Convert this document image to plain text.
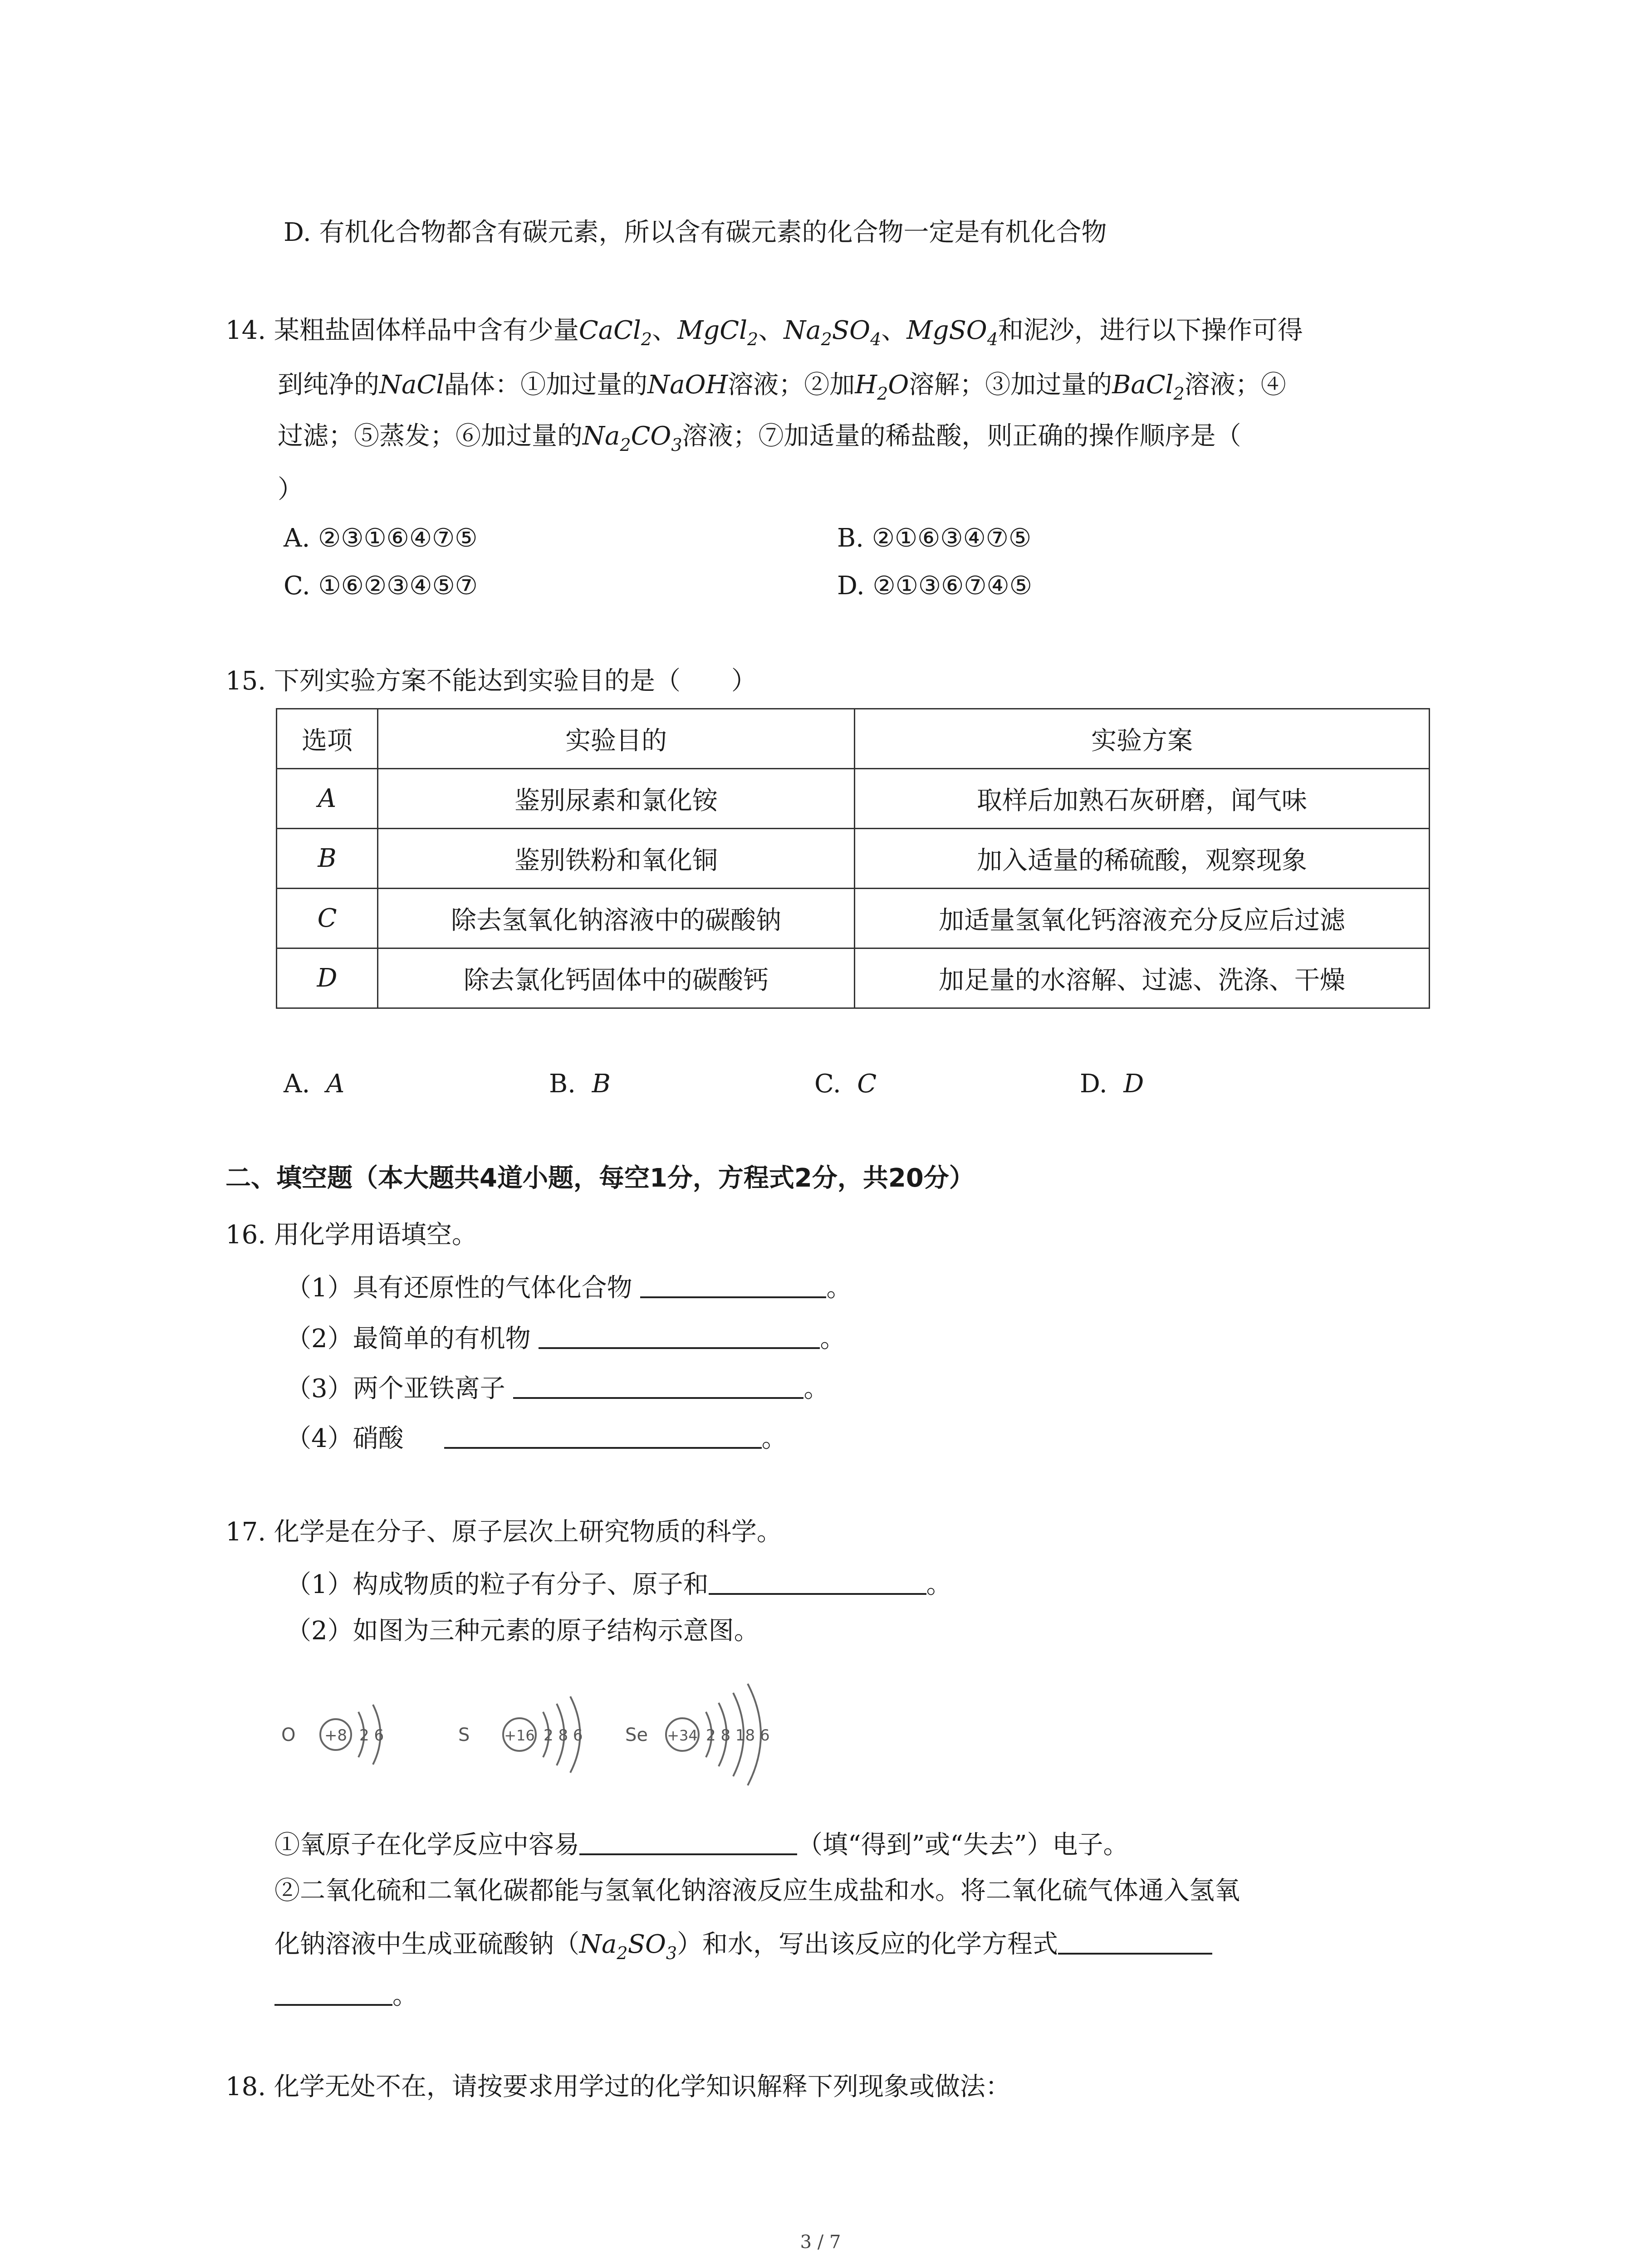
D. 有机化合物都含有碳元素，所以含有碳元素的化合物一定是有机化合物
14. 某粗盐固体样品中含有少量CaCl$_2$、MgCl$_2$、$Na_2SO_4$、MgSO$_4$和泥沙，进行以下操作可得
到纯净的NaCl晶体：①加过量的NaOH溶液；②加$H_2O$溶解；③加过量的BaCl$_2$溶液；④
过滤；⑤蒸发；⑥加过量的$Na_2CO_3$溶液；⑦加适量的稀盐酸，则正确的操作顺序是（
）
A. ②③①⑥④⑦⑤	B. ②①⑥③④⑦⑤
C. ①⑥②③④⑤⑦	D. ②①③⑥⑦④⑤
15. 下列实验方案不能达到实验目的是（　　）
选项	实验目的	实验方案
A	鉴别尿素和氯化铵	取样后加熟石灰研磨，闻气味
B	鉴别铁粉和氧化铜	加入适量的稀硫酸，观察现象
C	除去氢氧化钠溶液中的碳酸钠	加适量氢氧化钙溶液充分反应后过滤
D	除去氯化钙固体中的碳酸钙	加足量的水溶解、过滤、洗涤、干燥
A. A	B. B	C. C	D. D
二、填空题（本大题共4道小题，每空1分，方程式2分，共20分）
16. 用化学用语填空。
（1）具有还原性的气体化合物	。
（2）最简单的有机物	。
（3）两个亚铁离子	。
（4）硝酸	。
17. 化学是在分子、原子层次上研究物质的科学。
（1）构成物质的粒子有分子、原子和	。
（2）如图为三种元素的原子结构示意图。
O +8 2 6	S +16 2 8 6 Se +34 2 8 18 6
①氧原子在化学反应中容易	（填“得到”或“失去”）电子。
②二氧化硫和二氧化碳都能与氢氧化钠溶液反应生成盐和水。将二氧化硫气体通入氢氧
化钠溶液中生成亚硫酸钠$(Na_2SO_3)$和水，写出该反应的化学方程式
。
18. 化学无处不在，请按要求用学过的化学知识解释下列现象或做法：
3 / 7
